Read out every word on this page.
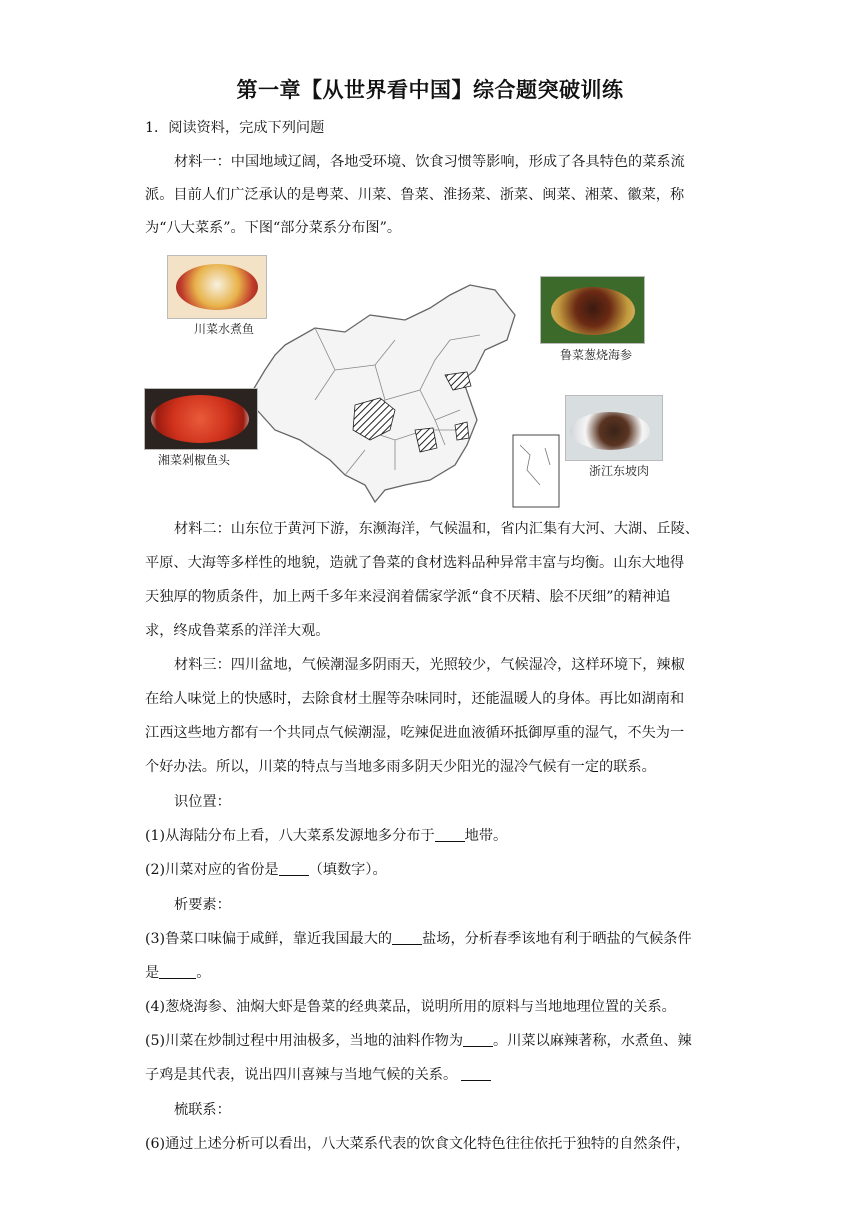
第一章【从世界看中国】综合题突破训练
1．阅读资料，完成下列问题
材料一：中国地域辽阔，各地受环境、饮食习惯等影响，形成了各具特色的菜系流
派。目前人们广泛承认的是粤菜、川菜、鲁菜、淮扬菜、浙菜、闽菜、湘菜、徽菜，称
为“八大菜系”。下图“部分菜系分布图”。
川菜水煮鱼
湘菜剁椒鱼头
鲁菜葱烧海参
浙江东坡肉
材料二：山东位于黄河下游，东濒海洋，气候温和，省内汇集有大河、大湖、丘陵、
平原、大海等多样性的地貌，造就了鲁菜的食材选料品种异常丰富与均衡。山东大地得
天独厚的物质条件，加上两千多年来浸润着儒家学派“食不厌精、脍不厌细”的精神追
求，终成鲁菜系的洋洋大观。
材料三：四川盆地，气候潮湿多阴雨天，光照较少，气候湿冷，这样环境下，辣椒
在给人味觉上的快感时，去除食材土腥等杂味同时，还能温暖人的身体。再比如湖南和
江西这些地方都有一个共同点气候潮湿，吃辣促进血液循环抵御厚重的湿气，不失为一
个好办法。所以，川菜的特点与当地多雨多阴天少阳光的湿冷气候有一定的联系。
识位置：
(1)从海陆分布上看，八大菜系发源地多分布于 地带。
(2)川菜对应的省份是 （填数字）。
析要素：
(3)鲁菜口味偏于咸鲜，靠近我国最大的 盐场，分析春季该地有利于晒盐的气候条件
是	。
(4)葱烧海参、油焖大虾是鲁菜的经典菜品，说明所用的原料与当地地理位置的关系。
(5)川菜在炒制过程中用油极多，当地的油料作物为 。川菜以麻辣著称，水煮鱼、辣
子鸡是其代表，说出四川喜辣与当地气候的关系。
梳联系：
(6)通过上述分析可以看出，八大菜系代表的饮食文化特色往往依托于独特的自然条件，
